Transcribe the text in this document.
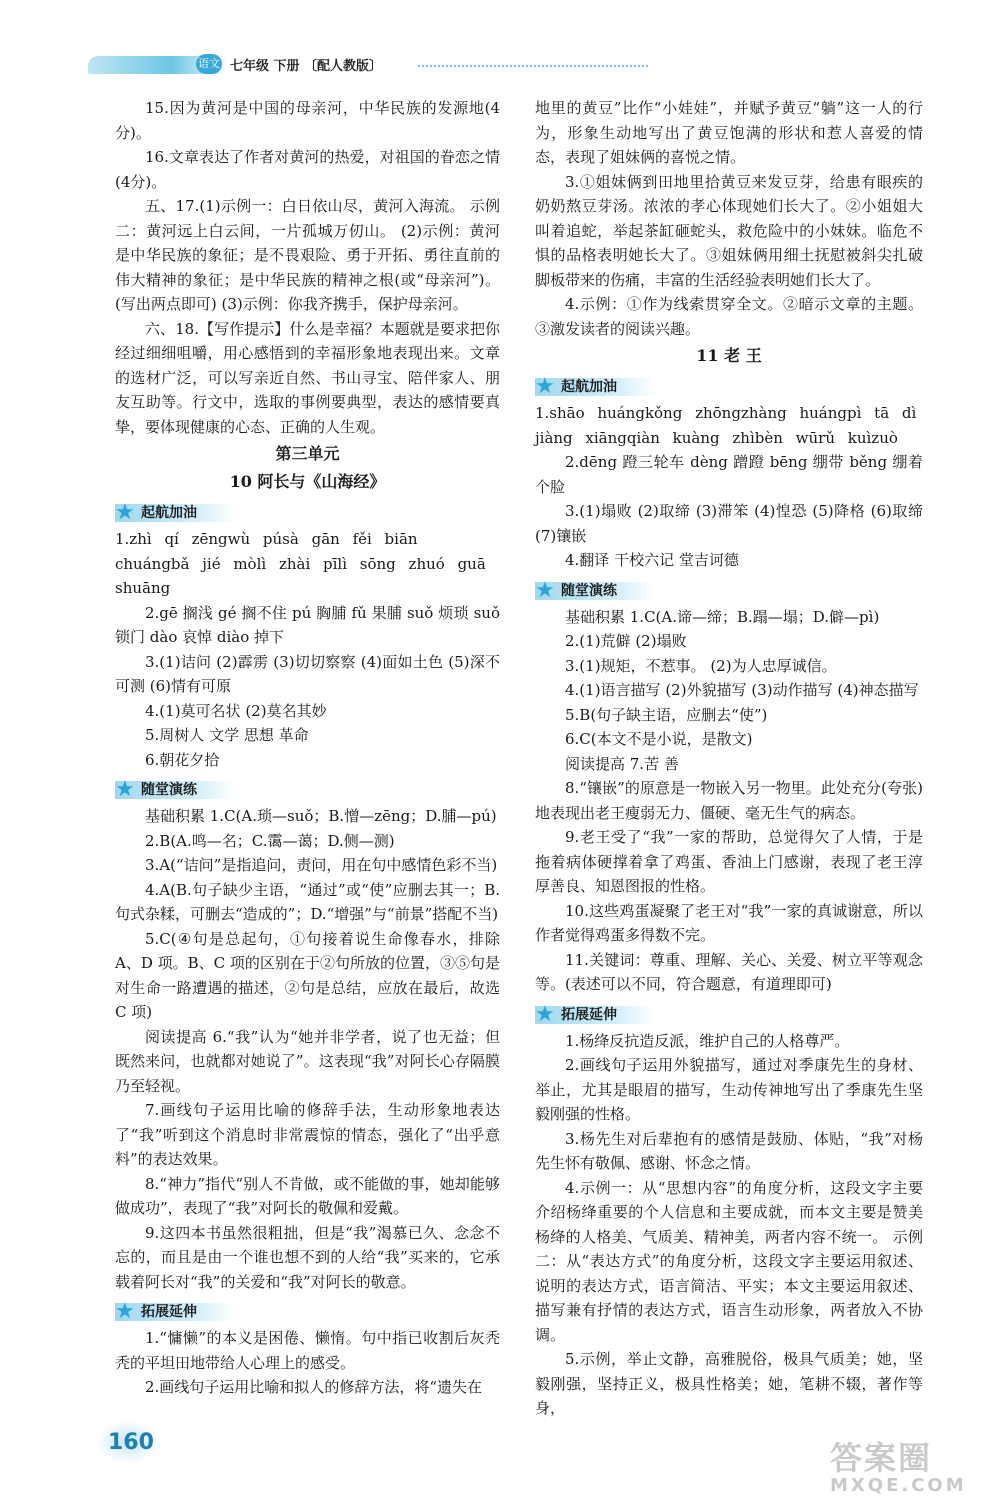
语文 七年级 下册 〔配人教版〕

15.因为黄河是中国的母亲河，中华民族的发源地(4分)。

16.文章表达了作者对黄河的热爱，对祖国的眷恋之情(4分)。

五、17.(1)示例一：白日依山尽，黄河入海流。 示例二：黄河远上白云间，一片孤城万仞山。 (2)示例：黄河是中华民族的象征；是不畏艰险、勇于开拓、勇往直前的伟大精神的象征；是中华民族的精神之根(或“母亲河”)。(写出两点即可) (3)示例：你我齐携手，保护母亲河。

六、18.【写作提示】什么是幸福？本题就是要求把你经过细细咀嚼，用心感悟到的幸福形象地表现出来。文章的选材广泛，可以写亲近自然、书山寻宝、陪伴家人、朋友互助等。行文中，选取的事例要典型，表达的感情要真挚，要体现健康的心态、正确的人生观。

第三单元
10 阿长与《山海经》
★ 起航加油

1.zhì qí zēngwù púsà gān fěi biān

chuángbǎ jié mòlì zhài pīlì sōng zhuó guā

shuāng

2.gē 搁浅 gé 搁不住 pú 胸脯 fǔ 果脯 suǒ 烦琐 suǒ 锁门 dào 哀悼 diào 掉下

3.(1)诘问 (2)霹雳 (3)切切察察 (4)面如土色 (5)深不可测 (6)情有可原

4.(1)莫可名状 (2)莫名其妙

5.周树人 文学 思想 革命

6.朝花夕拾

★ 随堂演练

基础积累 1.C(A.琐—suǒ；B.憎—zēng；D.脯—pú)

2.B(A.鸣—名；C.霭—蔼；D.侧—测)

3.A(“诘问”是指追问，责问，用在句中感情色彩不当)

4.A(B.句子缺少主语，“通过”或“使”应删去其一；B.句式杂糅，可删去“造成的”；D.“增强”与“前景”搭配不当)

5.C(④句是总起句，①句接着说生命像春水，排除 A、D 项。B、C 项的区别在于②句所放的位置，③⑤句是对生命一路遭遇的描述，②句是总结，应放在最后，故选 C 项)

阅读提高 6.“我”认为“她并非学者，说了也无益；但既然来问，也就都对她说了”。这表现“我”对阿长心存隔膜乃至轻视。

7.画线句子运用比喻的修辞手法，生动形象地表达了“我”听到这个消息时非常震惊的情态，强化了“出乎意料”的表达效果。

8.“神力”指代“别人不肯做，或不能做的事，她却能够做成功”，表现了“我”对阿长的敬佩和爱戴。

9.这四本书虽然很粗拙，但是“我”渴慕已久、念念不忘的，而且是由一个谁也想不到的人给“我”买来的，它承载着阿长对“我”的关爱和“我”对阿长的敬意。

★ 拓展延伸

1.“慵懒”的本义是困倦、懒惰。句中指已收割后灰秃秃的平坦田地带给人心理上的感受。

2.画线句子运用比喻和拟人的修辞方法，将“遗失在

地里的黄豆”比作“小娃娃”，并赋予黄豆“躺”这一人的行为，形象生动地写出了黄豆饱满的形状和惹人喜爱的情态，表现了姐妹俩的喜悦之情。

3.①姐妹俩到田地里拾黄豆来发豆芽，给患有眼疾的奶奶熬豆芽汤。浓浓的孝心体现她们长大了。②小姐姐大叫着追蛇，举起茶缸砸蛇头，救危险中的小妹妹。临危不惧的品格表明她长大了。③姐妹俩用细土抚慰被斜尖扎破脚板带来的伤痛，丰富的生活经验表明她们长大了。

4.示例：①作为线索贯穿全文。②暗示文章的主题。③激发读者的阅读兴趣。

11 老 王
★ 起航加油

1.shāo huángkǒng zhōngzhàng huángpì tā dì

jiàng xiāngqiàn kuàng zhìbèn wūrǔ kuìzuò

2.dēng 蹬三轮车 dèng 蹭蹬 bēng 绷带 běng 绷着个脸

3.(1)塌败 (2)取缔 (3)滞笨 (4)惶恐 (5)降格 (6)取缔 (7)镶嵌

4.翻译 干校六记 堂吉诃德

★ 随堂演练

基础积累 1.C(A.谛—缔；B.蹋—塌；D.僻—pì)

2.(1)荒僻 (2)塌败

3.(1)规矩，不惹事。 (2)为人忠厚诚信。

4.(1)语言描写 (2)外貌描写 (3)动作描写 (4)神态描写

5.B(句子缺主语，应删去“使”)

6.C(本文不是小说，是散文)

阅读提高 7.苦 善

8.“镶嵌”的原意是一物嵌入另一物里。此处充分(夸张)地表现出老王瘦弱无力、僵硬、毫无生气的病态。

9.老王受了“我”一家的帮助，总觉得欠了人情，于是拖着病体硬撑着拿了鸡蛋、香油上门感谢，表现了老王淳厚善良、知恩图报的性格。

10.这些鸡蛋凝聚了老王对“我”一家的真诚谢意，所以作者觉得鸡蛋多得数不完。

11.关键词：尊重、理解、关心、关爱、树立平等观念等。(表述可以不同，符合题意，有道理即可)

★ 拓展延伸

1.杨绛反抗造反派，维护自己的人格尊严。

2.画线句子运用外貌描写，通过对季康先生的身材、举止，尤其是眼眉的描写，生动传神地写出了季康先生坚毅刚强的性格。

3.杨先生对后辈抱有的感情是鼓励、体贴，“我”对杨先生怀有敬佩、感谢、怀念之情。

4.示例一：从“思想内容”的角度分析，这段文字主要介绍杨绛重要的个人信息和主要成就，而本文主要是赞美杨绛的人格美、气质美、精神美，两者内容不统一。 示例二：从“表达方式”的角度分析，这段文字主要运用叙述、说明的表达方式，语言简洁、平实；本文主要运用叙述、描写兼有抒情的表达方式，语言生动形象，两者放入不协调。

5.示例，举止文静，高雅脱俗，极具气质美；她，坚毅刚强，坚持正义，极具性格美；她，笔耕不辍，著作等身，

160	答案圈
MXQE.COM
